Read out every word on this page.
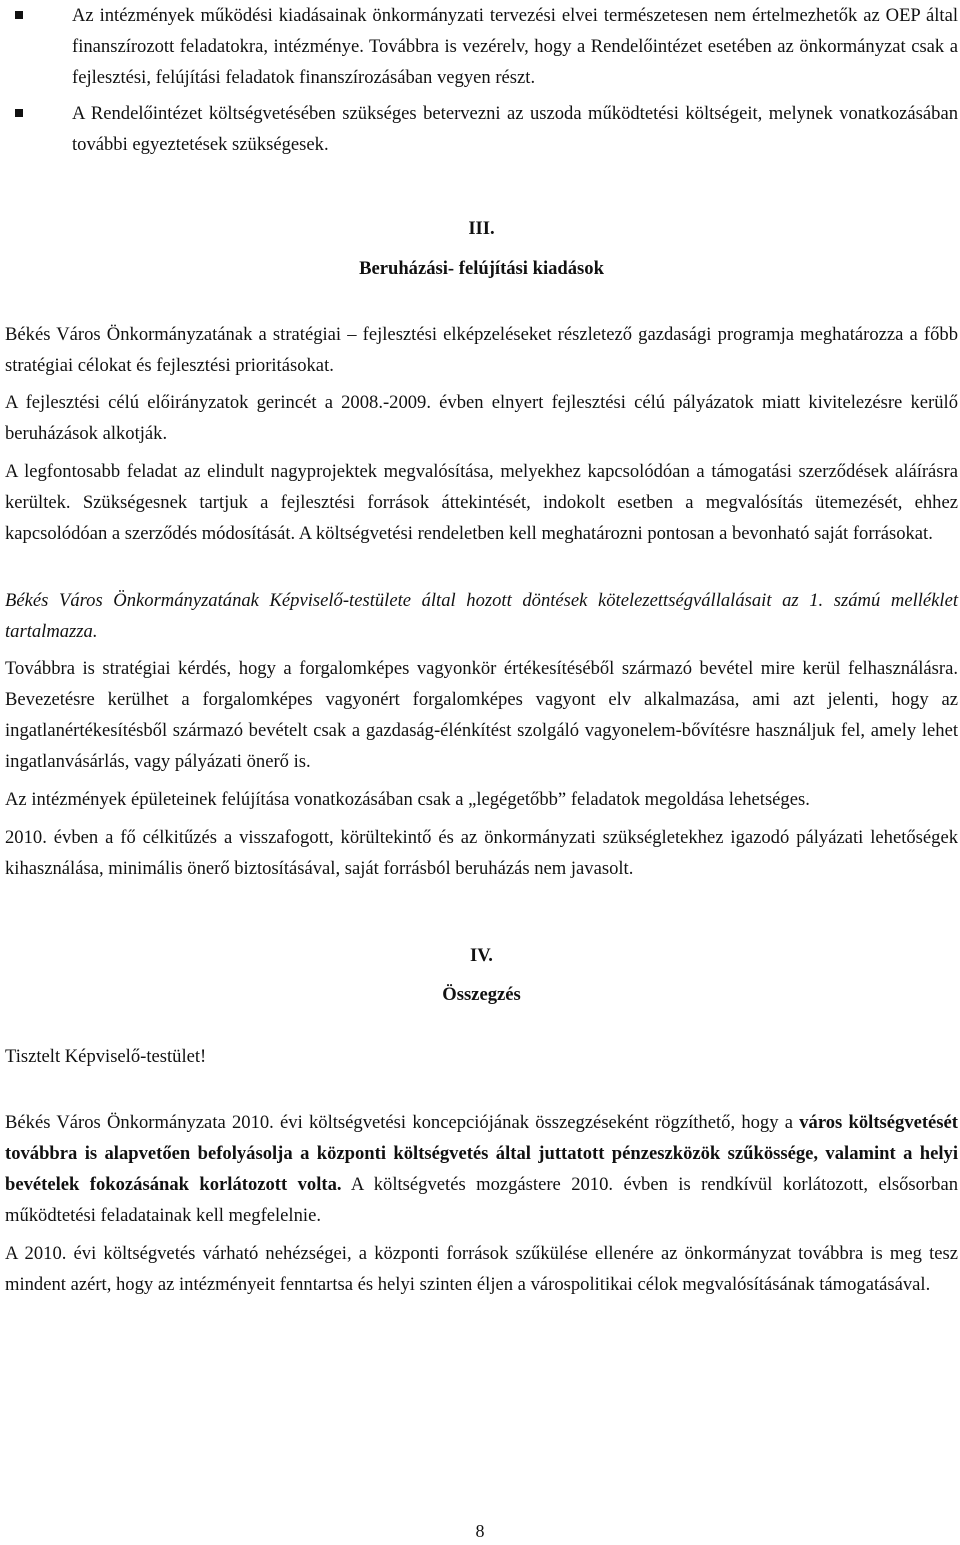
Az intézmények működési kiadásainak önkormányzati tervezési elvei természetesen nem értelmezhetők az OEP által finanszírozott feladatokra, intézménye. Továbbra is vezérelv, hogy a Rendelőintézet esetében az önkormányzat csak a fejlesztési, felújítási feladatok finanszírozásában vegyen részt.
A Rendelőintézet költségvetésében szükséges betervezni az uszoda működtetési költségeit, melynek vonatkozásában további egyeztetések szükségesek.

III.

Beruházási- felújítási kiadások

Békés Város Önkormányzatának a stratégiai – fejlesztési elképzeléseket részletező gazdasági programja meghatározza a főbb stratégiai célokat és fejlesztési prioritásokat.

A fejlesztési célú előirányzatok gerincét a 2008.-2009. évben elnyert fejlesztési célú pályázatok miatt kivitelezésre kerülő beruházások alkotják.

A legfontosabb feladat az elindult nagyprojektek megvalósítása, melyekhez kapcsolódóan a támogatási szerződések aláírásra kerültek. Szükségesnek tartjuk a fejlesztési források áttekintését, indokolt esetben a megvalósítás ütemezését, ehhez kapcsolódóan a szerződés módosítását. A költségvetési rendeletben kell meghatározni pontosan a bevonható saját forrásokat.

Békés Város Önkormányzatának Képviselő-testülete által hozott döntések kötelezettségvállalásait az 1. számú melléklet tartalmazza.

Továbbra is stratégiai kérdés, hogy a forgalomképes vagyonkör értékesítéséből származó bevétel mire kerül felhasználásra. Bevezetésre kerülhet a forgalomképes vagyonért forgalomképes vagyont elv alkalmazása, ami azt jelenti, hogy az ingatlanértékesítésből származó bevételt csak a gazdaság-élénkítést szolgáló vagyonelem-bővítésre használjuk fel, amely lehet ingatlanvásárlás, vagy pályázati önerő is.

Az intézmények épületeinek felújítása vonatkozásában csak a „legégetőbb” feladatok megoldása lehetséges.

2010. évben a fő célkitűzés a visszafogott, körültekintő és az önkormányzati szükségletekhez igazodó pályázati lehetőségek kihasználása, minimális önerő biztosításával, saját forrásból beruházás nem javasolt.

IV.

Összegzés

Tisztelt Képviselő-testület!

Békés Város Önkormányzata 2010. évi költségvetési koncepciójának összegzéseként rögzíthető, hogy a város költségvetését továbbra is alapvetően befolyásolja a központi költségvetés által juttatott pénzeszközök szűkössége, valamint a helyi bevételek fokozásának korlátozott volta. A költségvetés mozgástere 2010. évben is rendkívül korlátozott, elsősorban működtetési feladatainak kell megfelelnie.

A 2010. évi költségvetés várható nehézségei, a központi források szűkülése ellenére az önkormányzat továbbra is meg tesz mindent azért, hogy az intézményeit fenntartsa és helyi szinten éljen a várospolitikai célok megvalósításának támogatásával.

8
